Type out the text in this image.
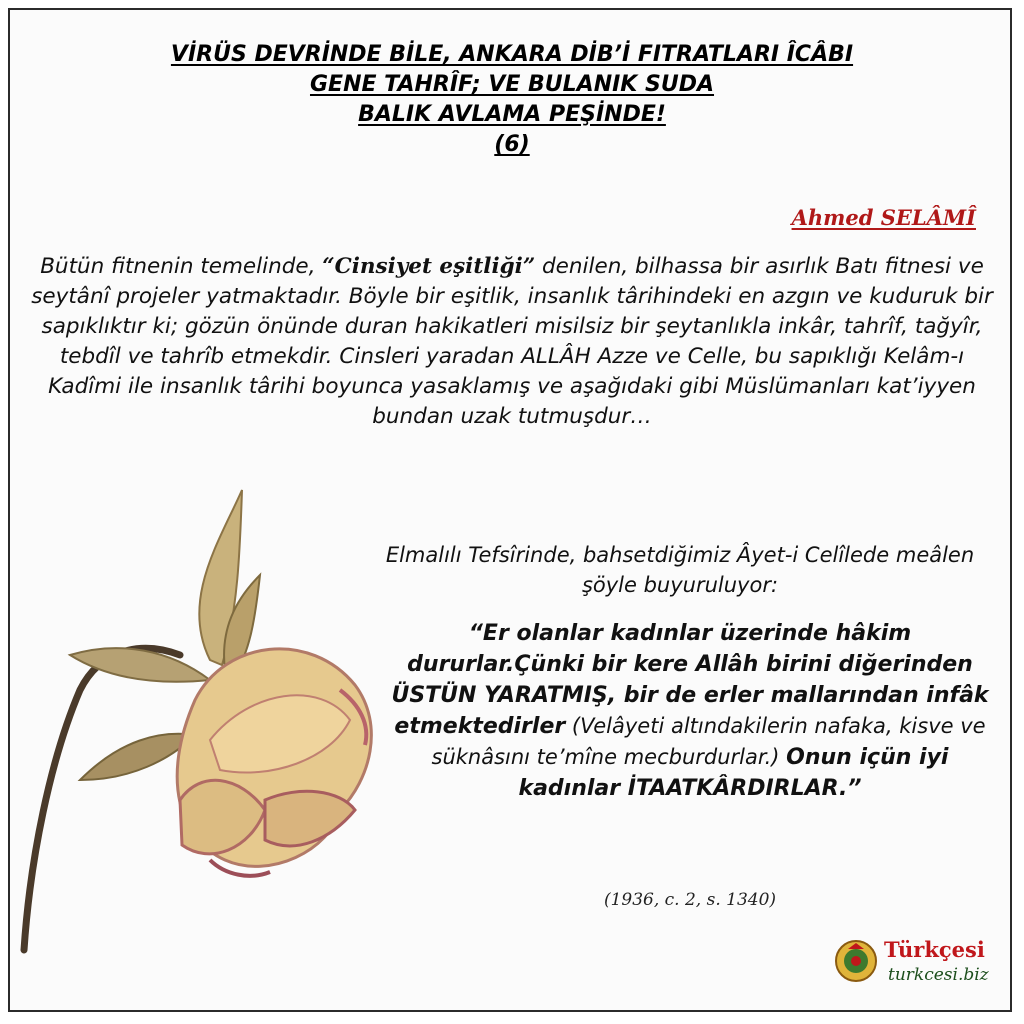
VİRÜS DEVRİNDE BİLE, ANKARA DİB’İ FITRATLARI ÎCÂBI
GENE TAHRÎF; VE BULANIK SUDA
BALIK AVLAMA PEŞİNDE!
(6)
Ahmed SELÂMÎ
Bütün fitnenin temelinde, “Cinsiyet eşitliği” denilen, bilhassa bir asırlık Batı fitnesi ve seytânî projeler yatmaktadır. Böyle bir eşitlik, insanlık târihindeki en azgın ve kuduruk bir sapıklıktır ki; gözün önünde duran hakikatleri misilsiz bir şeytanlıkla inkâr, tahrîf, tağyîr, tebdîl ve tahrîb etmekdir. Cinsleri yaradan ALLÂH Azze ve Celle, bu sapıklığı Kelâm-ı Kadîmi ile insanlık târihi boyunca yasaklamış ve aşağıdaki gibi Müslümanları kat’iyyen bundan uzak tutmuşdur…
Elmalılı Tefsîrinde, bahsetdiğimiz Âyet-i Celîlede meâlen şöyle buyuruluyor:
“Er olanlar kadınlar üzerinde hâkim dururlar.Çünki bir kere Allâh birini diğerinden ÜSTÜN YARATMIŞ, bir de erler mallarından infâk etmektedirler (Velâyeti altındakilerin nafaka, kisve ve süknâsını te’mîne mecburdurlar.) Onun içün iyi kadınlar İTAATKÂRDIRLAR.”
(1936, c. 2, s. 1340)
Türkçesi
turkcesi.biz
